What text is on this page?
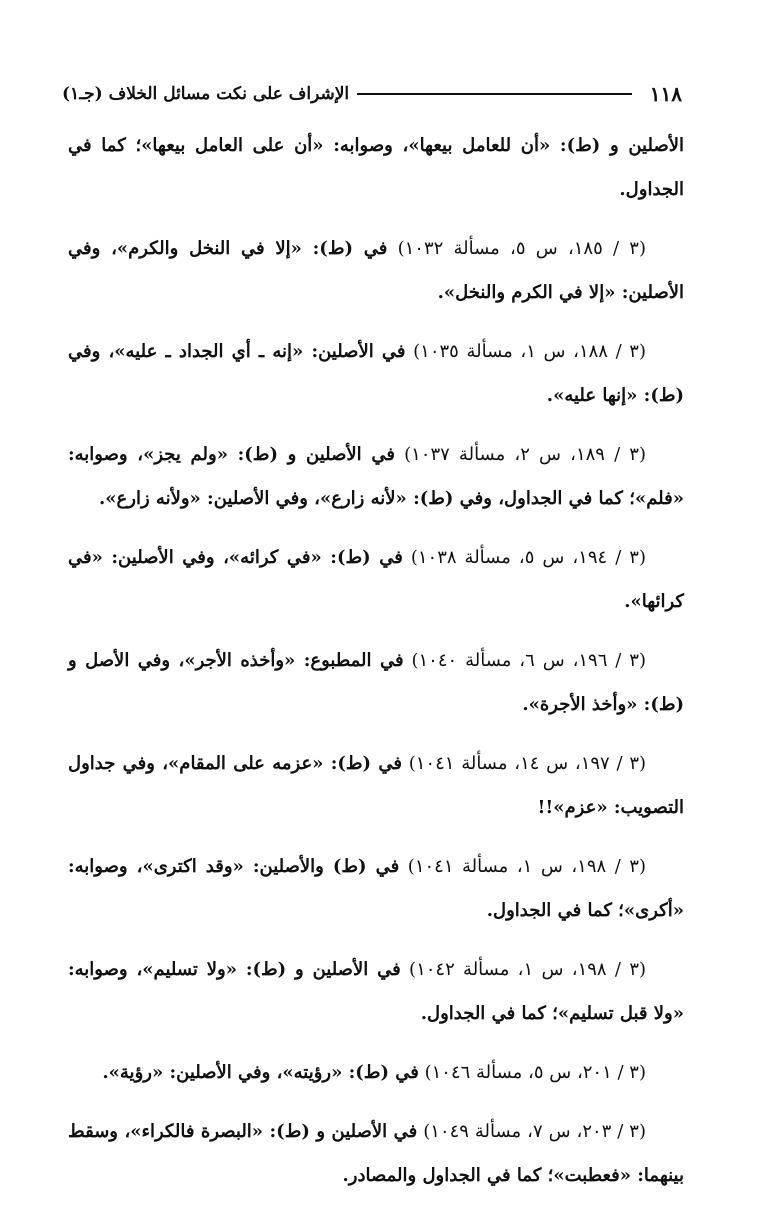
١١٨
الإشراف على نكت مسائل الخلاف (جـ١)

الأصلين و (ط): «أن للعامل بيعها»، وصوابه: «أن على العامل بيعها»؛ كما في الجداول.

(٣ / ١٨٥، س ٥، مسألة ١٠٣٢) في (ط): «إلا في النخل والكرم»، وفي الأصلين: «إلا في الكرم والنخل».

(٣ / ١٨٨، س ١، مسألة ١٠٣٥) في الأصلين: «إنه ـ أي الجداد ـ عليه»، وفي (ط): «إنها عليه».

(٣ / ١٨٩، س ٢، مسألة ١٠٣٧) في الأصلين و (ط): «ولم يجز»، وصوابه: «فلم»؛ كما في الجداول، وفي (ط): «لأنه زارع»، وفي الأصلين: «ولأنه زارع».

(٣ / ١٩٤، س ٥، مسألة ١٠٣٨) في (ط): «في كرائه»، وفي الأصلين: «في كرائها».

(٣ / ١٩٦، س ٦، مسألة ١٠٤٠) في المطبوع: «وأخذه الأجر»، وفي الأصل و (ط): «وأخذ الأجرة».

(٣ / ١٩٧، س ١٤، مسألة ١٠٤١) في (ط): «عزمه على المقام»، وفي جداول التصويب: «عزم»!!

(٣ / ١٩٨، س ١، مسألة ١٠٤١) في (ط) والأصلين: «وقد اكترى»، وصوابه: «أكرى»؛ كما في الجداول.

(٣ / ١٩٨، س ١، مسألة ١٠٤٢) في الأصلين و (ط): «ولا تسليم»، وصوابه: «ولا قبل تسليم»؛ كما في الجداول.

(٣ / ٢٠١، س ٥، مسألة ١٠٤٦) في (ط): «رؤيته»، وفي الأصلين: «رؤية».

(٣ / ٢٠٣، س ٧، مسألة ١٠٤٩) في الأصلين و (ط): «البصرة فالكراء»، وسقط بينهما: «فعطبت»؛ كما في الجداول والمصادر.
